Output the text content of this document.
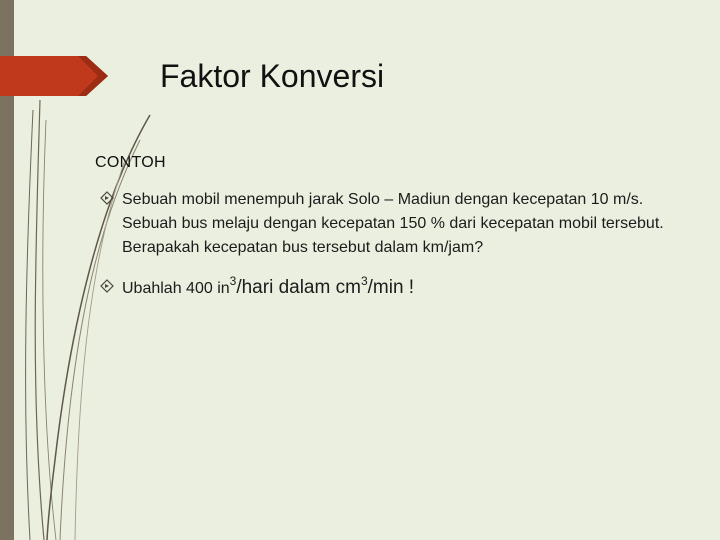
Faktor Konversi
CONTOH
Sebuah mobil menempuh jarak Solo – Madiun dengan kecepatan 10 m/s. Sebuah bus melaju dengan kecepatan 150 % dari kecepatan mobil tersebut. Berapakah kecepatan bus tersebut dalam km/jam?
Ubahlah 400 $in^3$/hari dalam $cm^3/\min$ !
